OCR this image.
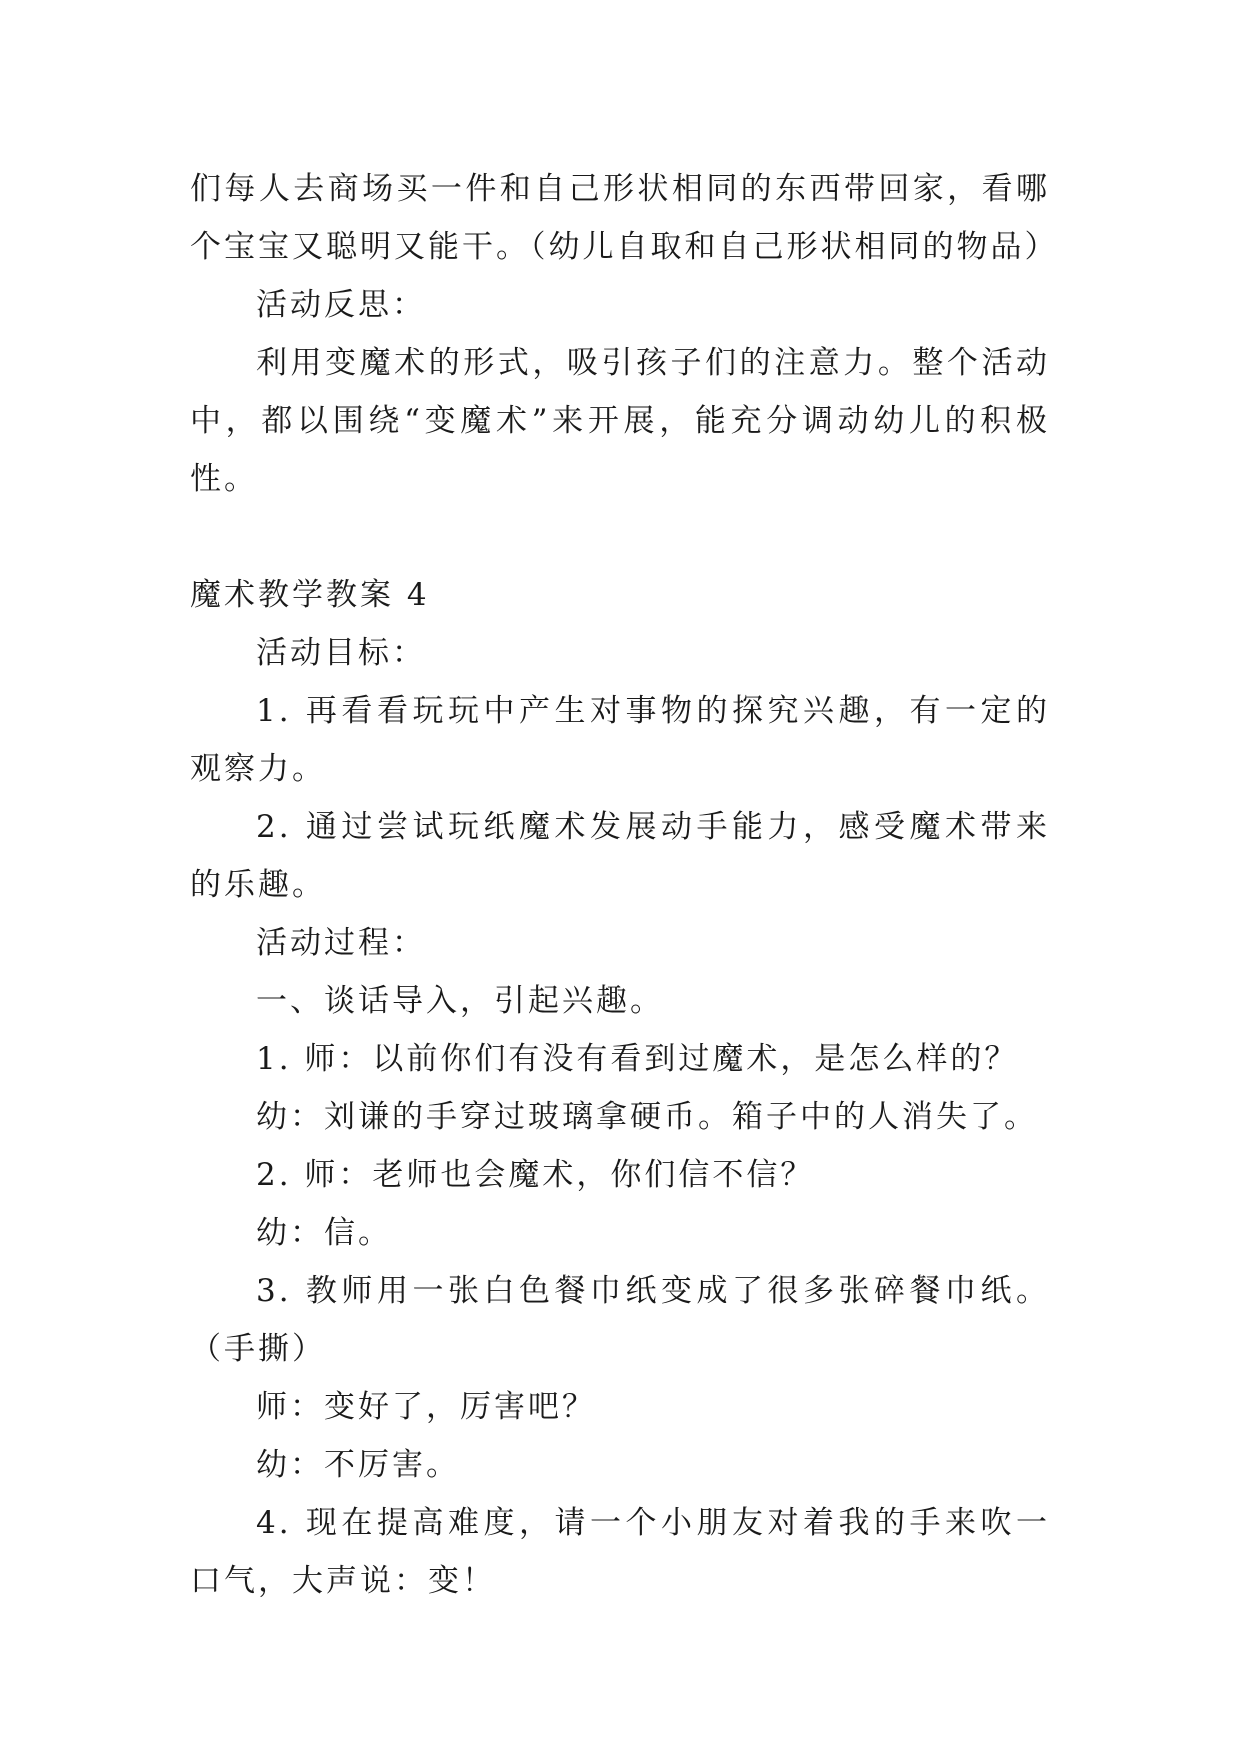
们每人去商场买一件和自己形状相同的东西带回家，看哪个宝宝又聪明又能干。（幼儿自取和自己形状相同的物品）

活动反思：

利用变魔术的形式，吸引孩子们的注意力。整个活动中，都以围绕“变魔术”来开展，能充分调动幼儿的积极性。

魔术教学教案 4

活动目标：

1. 再看看玩玩中产生对事物的探究兴趣，有一定的观察力。

2. 通过尝试玩纸魔术发展动手能力，感受魔术带来的乐趣。

活动过程：

一、谈话导入，引起兴趣。

1. 师：以前你们有没有看到过魔术，是怎么样的？

幼：刘谦的手穿过玻璃拿硬币。箱子中的人消失了。

2. 师：老师也会魔术，你们信不信？

幼：信。

3. 教师用一张白色餐巾纸变成了很多张碎餐巾纸。（手撕）

师：变好了，厉害吧？

幼：不厉害。

4. 现在提高难度，请一个小朋友对着我的手来吹一口气，大声说：变！
